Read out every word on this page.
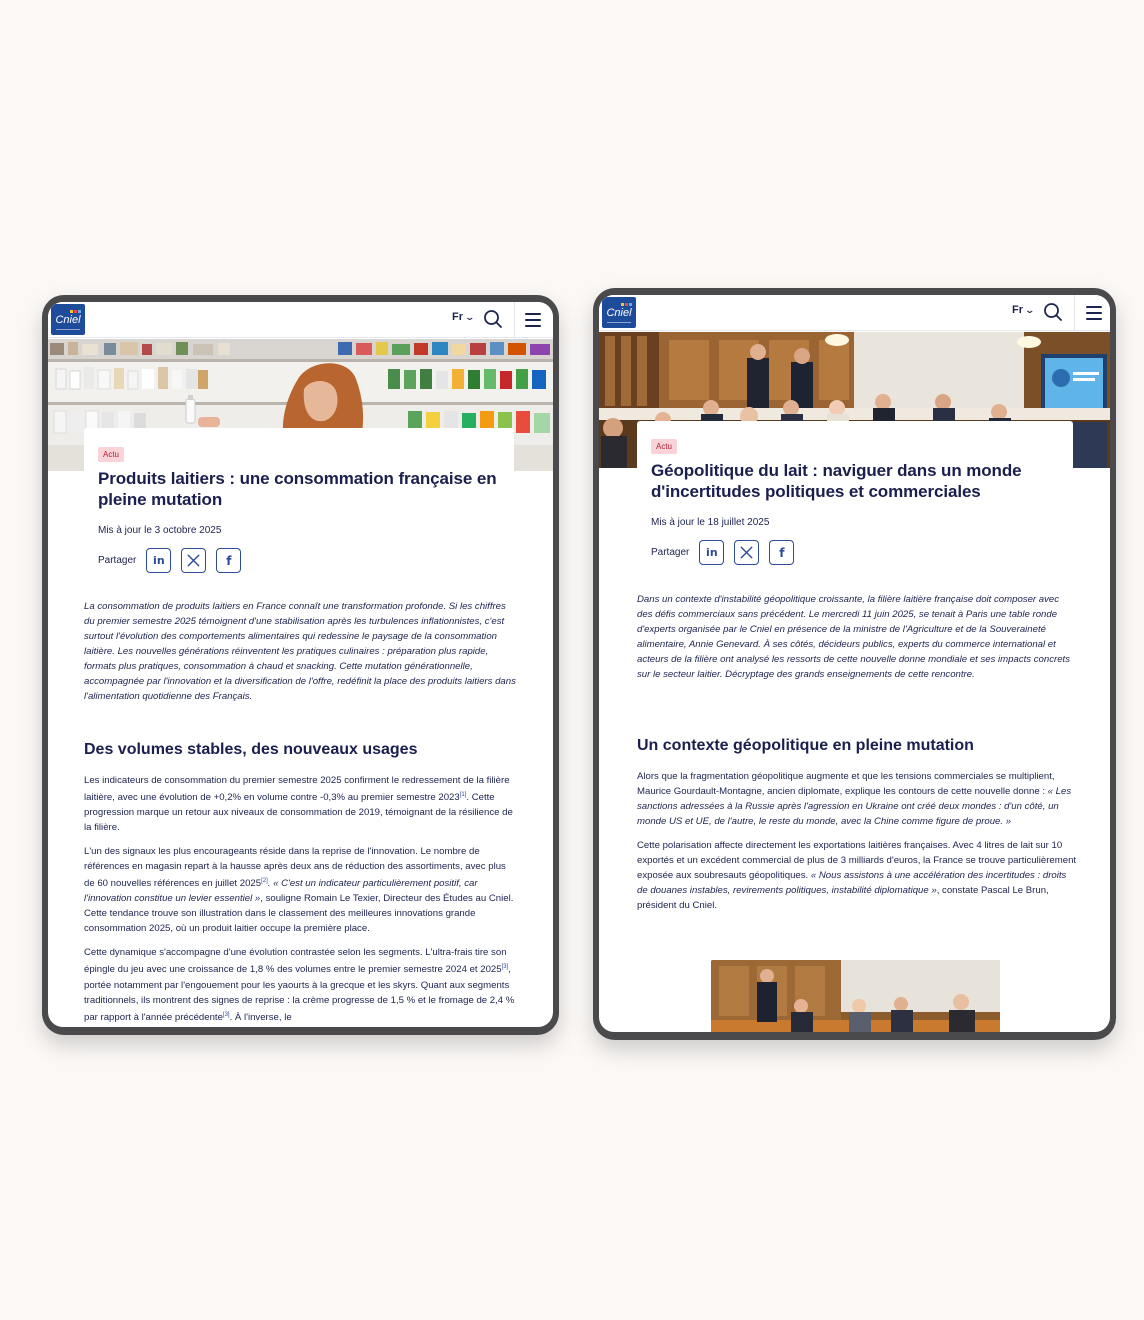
Cniel	Fr ⌄
Actu
Produits laitiers : une consommation française en pleine mutation
Mis à jour le 3 octobre 2025
Partager in	f
La consommation de produits laitiers en France connaît une transformation profonde. Si les chiffres du premier semestre 2025 témoignent d'une stabilisation après les turbulences inflationnistes, c'est surtout l'évolution des comportements alimentaires qui redessine le paysage de la consommation laitière. Les nouvelles générations réinventent les pratiques culinaires : préparation plus rapide, formats plus pratiques, consommation à chaud et snacking. Cette mutation générationnelle, accompagnée par l'innovation et la diversification de l'offre, redéfinit la place des produits laitiers dans l'alimentation quotidienne des Français.
Des volumes stables, des nouveaux usages

Les indicateurs de consommation du premier semestre 2025 confirment le redressement de la filière laitière, avec une évolution de +0,2% en volume contre -0,3% au premier semestre 2023[1]. Cette progression marque un retour aux niveaux de consommation de 2019, témoignant de la résilience de la filière.

L'un des signaux les plus encourageants réside dans la reprise de l'innovation. Le nombre de références en magasin repart à la hausse après deux ans de réduction des assortiments, avec plus de 60 nouvelles références en juillet 2025[2]. « C'est un indicateur particulièrement positif, car l'innovation constitue un levier essentiel », souligne Romain Le Texier, Directeur des Études au Cniel. Cette tendance trouve son illustration dans le classement des meilleures innovations grande consommation 2025, où un produit laitier occupe la première place.

Cette dynamique s'accompagne d'une évolution contrastée selon les segments. L'ultra-frais tire son épingle du jeu avec une croissance de 1,8 % des volumes entre le premier semestre 2024 et 2025[3], portée notamment par l'engouement pour les yaourts à la grecque et les skyrs. Quant aux segments traditionnels, ils montrent des signes de reprise : la crème progresse de 1,5 % et le fromage de 2,4 % par rapport à l'année précédente[3]. À l'inverse, le

Cniel	Fr ⌄
Actu
Géopolitique du lait : naviguer dans un monde d'incertitudes politiques et commerciales
Mis à jour le 18 juillet 2025
Partager in	f
Dans un contexte d'instabilité géopolitique croissante, la filière laitière française doit composer avec des défis commerciaux sans précédent. Le mercredi 11 juin 2025, se tenait à Paris une table ronde d'experts organisée par le Cniel en présence de la ministre de l'Agriculture et de la Souveraineté alimentaire, Annie Genevard. À ses côtés, décideurs publics, experts du commerce international et acteurs de la filière ont analysé les ressorts de cette nouvelle donne mondiale et ses impacts concrets sur le secteur laitier. Décryptage des grands enseignements de cette rencontre.
Un contexte géopolitique en pleine mutation

Alors que la fragmentation géopolitique augmente et que les tensions commerciales se multiplient, Maurice Gourdault-Montagne, ancien diplomate, explique les contours de cette nouvelle donne : « Les sanctions adressées à la Russie après l'agression en Ukraine ont créé deux mondes : d'un côté, un monde US et UE, de l'autre, le reste du monde, avec la Chine comme figure de proue. »

Cette polarisation affecte directement les exportations laitières françaises. Avec 4 litres de lait sur 10 exportés et un excédent commercial de plus de 3 milliards d'euros, la France se trouve particulièrement exposée aux soubresauts géopolitiques. « Nous assistons à une accélération des incertitudes : droits de douanes instables, revirements politiques, instabilité diplomatique », constate Pascal Le Brun, président du Cniel.
